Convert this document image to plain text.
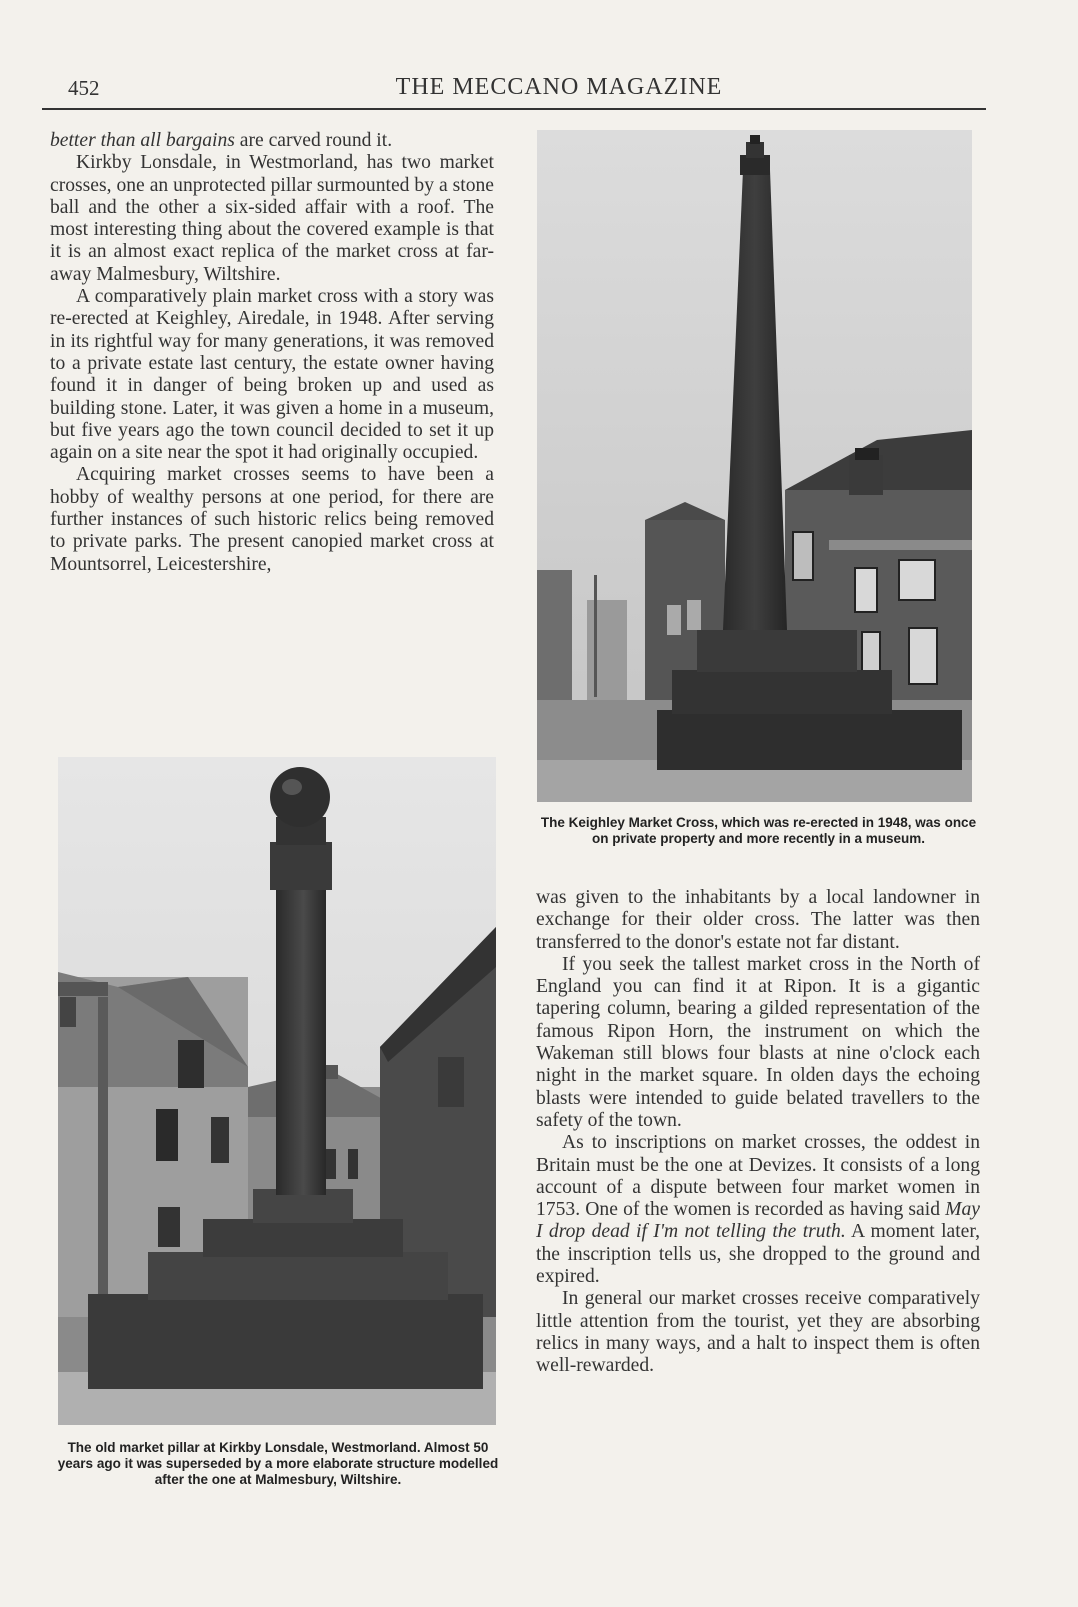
452	THE MECCANO MAGAZINE

better than all bargains are carved round it.

Kirkby Lonsdale, in Westmorland, has two market crosses, one an unprotected pillar surmounted by a stone ball and the other a six-sided affair with a roof. The most interesting thing about the covered example is that it is an almost exact replica of the market cross at far-away Malmesbury, Wiltshire.

A comparatively plain market cross with a story was re-erected at Keighley, Airedale, in 1948. After serving in its rightful way for many generations, it was removed to a private estate last century, the estate owner having found it in danger of being broken up and used as building stone. Later, it was given a home in a museum, but five years ago the town council decided to set it up again on a site near the spot it had originally occupied.

Acquiring market crosses seems to have been a hobby of wealthy persons at one period, for there are further instances of such historic relics being removed to private parks. The present canopied market cross at Mountsorrel, Leicestershire,

The Keighley Market Cross, which was re-erected in 1948, was once on private property and more recently in a museum.
The old market pillar at Kirkby Lonsdale, Westmorland. Almost 50 years ago it was superseded by a more elaborate structure modelled after the one at Malmesbury, Wiltshire.

was given to the inhabitants by a local landowner in exchange for their older cross. The latter was then transferred to the donor's estate not far distant.

If you seek the tallest market cross in the North of England you can find it at Ripon. It is a gigantic tapering column, bearing a gilded representation of the famous Ripon Horn, the instrument on which the Wakeman still blows four blasts at nine o'clock each night in the market square. In olden days the echoing blasts were intended to guide belated travellers to the safety of the town.

As to inscriptions on market crosses, the oddest in Britain must be the one at Devizes. It consists of a long account of a dispute between four market women in 1753. One of the women is recorded as having said May I drop dead if I'm not telling the truth. A moment later, the inscription tells us, she dropped to the ground and expired.

In general our market crosses receive comparatively little attention from the tourist, yet they are absorbing relics in many ways, and a halt to inspect them is often well-rewarded.
